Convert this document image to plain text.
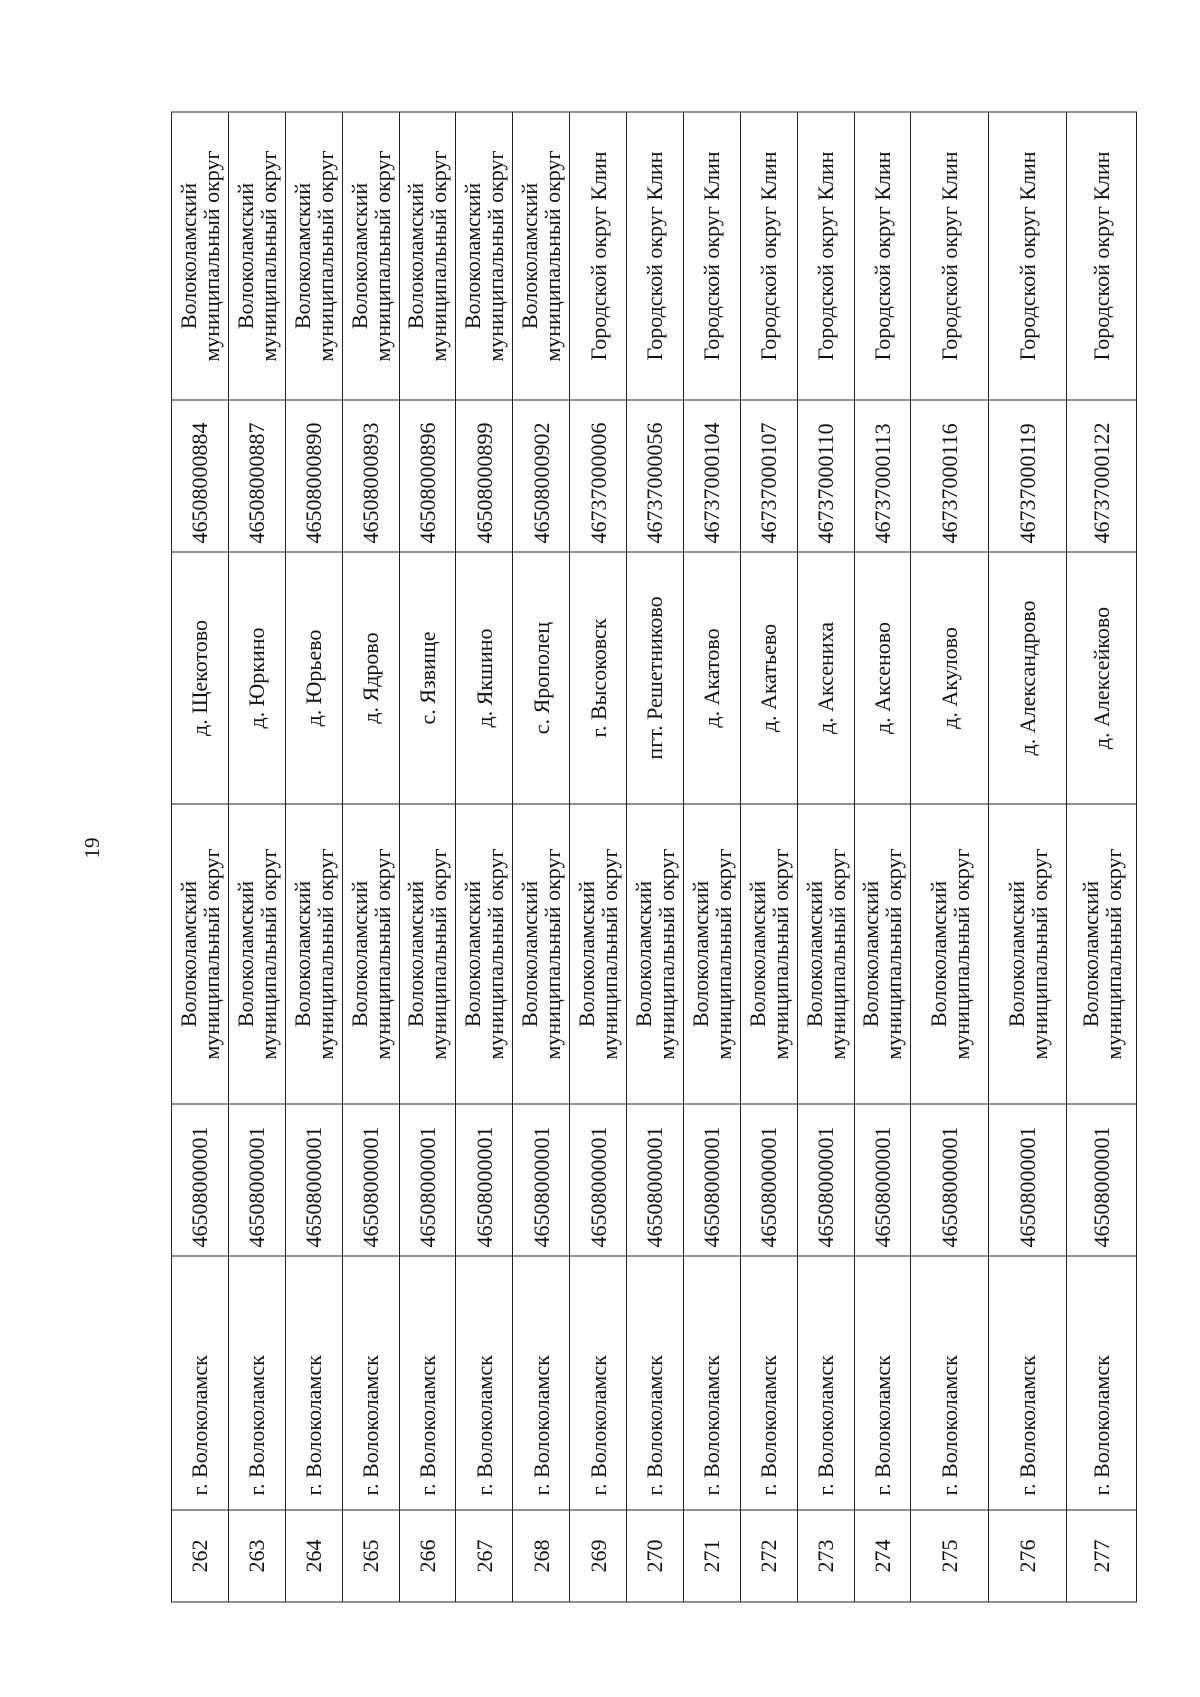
19
262	г. Волоколамск	46508000001	Волоколамский муниципальный округ	д. Щекотово	46508000884	Волоколамский муниципальный округ
263	г. Волоколамск	46508000001	Волоколамский муниципальный округ	д. Юркино	46508000887	Волоколамский муниципальный округ
264	г. Волоколамск	46508000001	Волоколамский муниципальный округ	д. Юрьево	46508000890	Волоколамский муниципальный округ
265	г. Волоколамск	46508000001	Волоколамский муниципальный округ	д. Ядрово	46508000893	Волоколамский муниципальный округ
266	г. Волоколамск	46508000001	Волоколамский муниципальный округ	с. Язвище	46508000896	Волоколамский муниципальный округ
267	г. Волоколамск	46508000001	Волоколамский муниципальный округ	д. Якшино	46508000899	Волоколамский муниципальный округ
268	г. Волоколамск	46508000001	Волоколамский муниципальный округ	с. Ярополец	46508000902	Волоколамский муниципальный округ
269	г. Волоколамск	46508000001	Волоколамский муниципальный округ	г. Высоковск	46737000006	Городской округ Клин
270	г. Волоколамск	46508000001	Волоколамский муниципальный округ	пгт. Решетниково	46737000056	Городской округ Клин
271	г. Волоколамск	46508000001	Волоколамский муниципальный округ	д. Акатово	46737000104	Городской округ Клин
272	г. Волоколамск	46508000001	Волоколамский муниципальный округ	д. Акатьево	46737000107	Городской округ Клин
273	г. Волоколамск	46508000001	Волоколамский муниципальный округ	д. Аксениха	46737000110	Городской округ Клин
274	г. Волоколамск	46508000001	Волоколамский муниципальный округ	д. Аксеново	46737000113	Городской округ Клин
275	г. Волоколамск	46508000001	Волоколамский муниципальный округ	д. Акулово	46737000116	Городской округ Клин
276	г. Волоколамск	46508000001	Волоколамский муниципальный округ	д. Александрово	46737000119	Городской округ Клин
277	г. Волоколамск	46508000001	Волоколамский муниципальный округ	д. Алексейково	46737000122	Городской округ Клин
